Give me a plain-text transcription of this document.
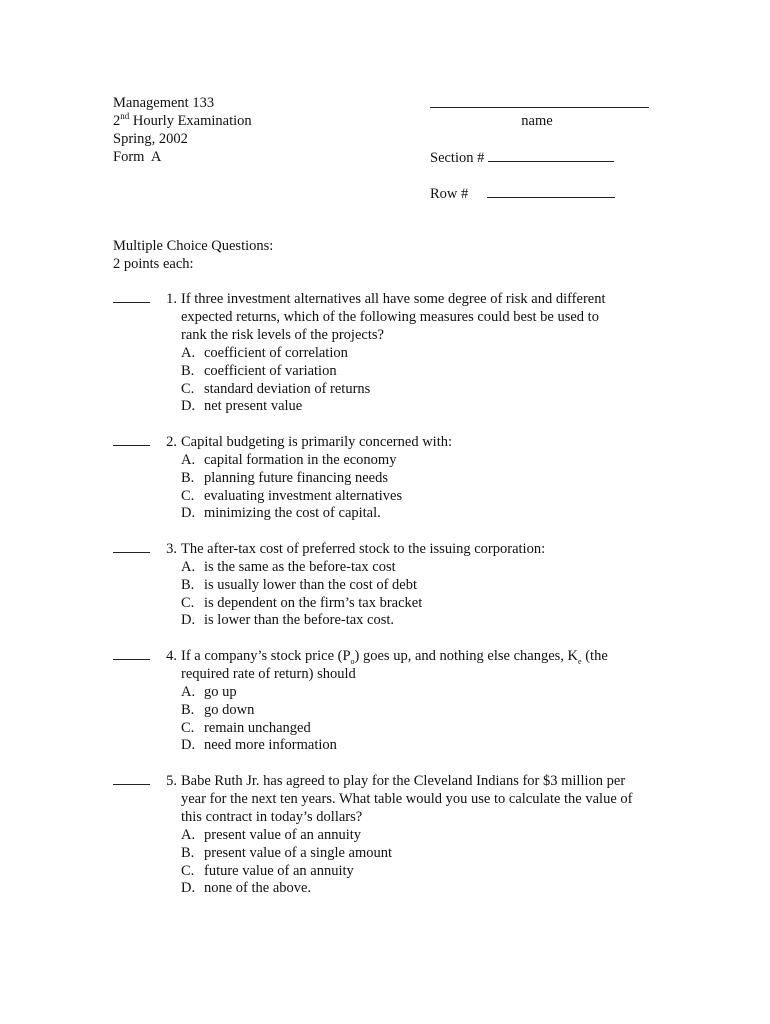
Management 133
2nd Hourly Examination
Spring, 2002
Form  A
name
Section #
Row #
Multiple Choice Questions:
2 points each:
1. If three investment alternatives all have some degree of risk and different
expected returns, which of the following measures could best be used to
rank the risk levels of the projects?
A. coefficient of correlation
B. coefficient of variation
C. standard deviation of returns
D. net present value
2. Capital budgeting is primarily concerned with:
A. capital formation in the economy
B. planning future financing needs
C. evaluating investment alternatives
D. minimizing the cost of capital.
3. The after-tax cost of preferred stock to the issuing corporation:
A. is the same as the before-tax cost
B. is usually lower than the cost of debt
C. is dependent on the firm’s tax bracket
D. is lower than the before-tax cost.
4. If a company’s stock price $(P_o)$ goes up, and nothing else changes, $K_e$ (the
required rate of return) should
A. go up
B. go down
C. remain unchanged
D. need more information
5. Babe Ruth Jr. has agreed to play for the Cleveland Indians for $3 million per
year for the next ten years. What table would you use to calculate the value of
this contract in today’s dollars?
A. present value of an annuity
B. present value of a single amount
C. future value of an annuity
D. none of the above.
